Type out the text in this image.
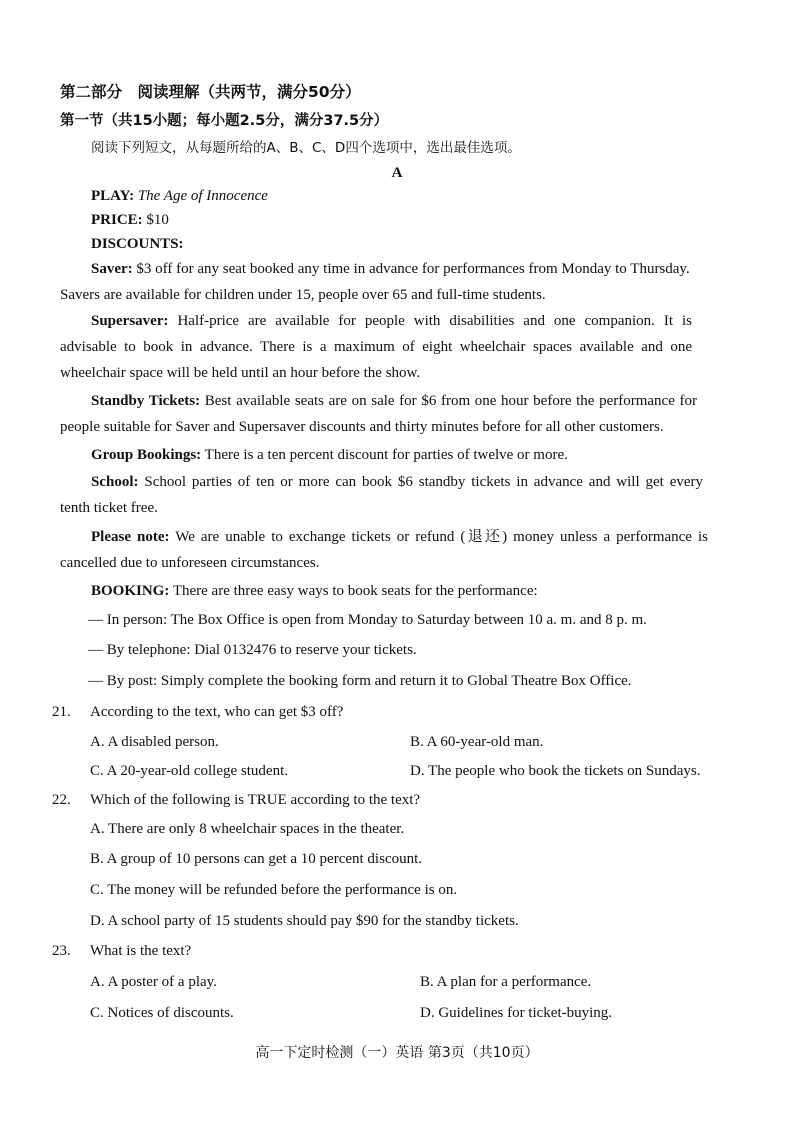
第二部分　阅读理解（共两节，满分50分）
第一节（共15小题；每小题2.5分，满分37.5分）
阅读下列短文，从每题所给的A、B、C、D四个选项中，选出最佳选项。
A
PLAY: The Age of Innocence
PRICE: $10
DISCOUNTS:
Saver: $3 off for any seat booked any time in advance for performances from Monday to Thursday.
Savers are available for children under 15, people over 65 and full-time students.
Supersaver: Half-price are available for people with disabilities and one companion. It is
advisable to book in advance. There is a maximum of eight wheelchair spaces available and one
wheelchair space will be held until an hour before the show.
Standby Tickets: Best available seats are on sale for $6 from one hour before the performance for
people suitable for Saver and Supersaver discounts and thirty minutes before for all other customers.
Group Bookings: There is a ten percent discount for parties of twelve or more.
School: School parties of ten or more can book $6 standby tickets in advance and will get every
tenth ticket free.
Please note: We are unable to exchange tickets or refund (退还) money unless a performance is
cancelled due to unforeseen circumstances.
BOOKING: There are three easy ways to book seats for the performance:
— In person: The Box Office is open from Monday to Saturday between 10 a. m. and 8 p. m.
— By telephone: Dial 0132476 to reserve your tickets.
— By post: Simply complete the booking form and return it to Global Theatre Box Office.
21. According to the text, who can get $3 off?
A. A disabled person.	B. A 60-year-old man.
C. A 20-year-old college student.	D. The people who book the tickets on Sundays.
22. Which of the following is TRUE according to the text?
A. There are only 8 wheelchair spaces in the theater.
B. A group of 10 persons can get a 10 percent discount.
C. The money will be refunded before the performance is on.
D. A school party of 15 students should pay $90 for the standby tickets.
23. What is the text?
A. A poster of a play.	B. A plan for a performance.
C. Notices of discounts.	D. Guidelines for ticket-buying.
高一下定时检测（一）英语 第3页（共10页）
